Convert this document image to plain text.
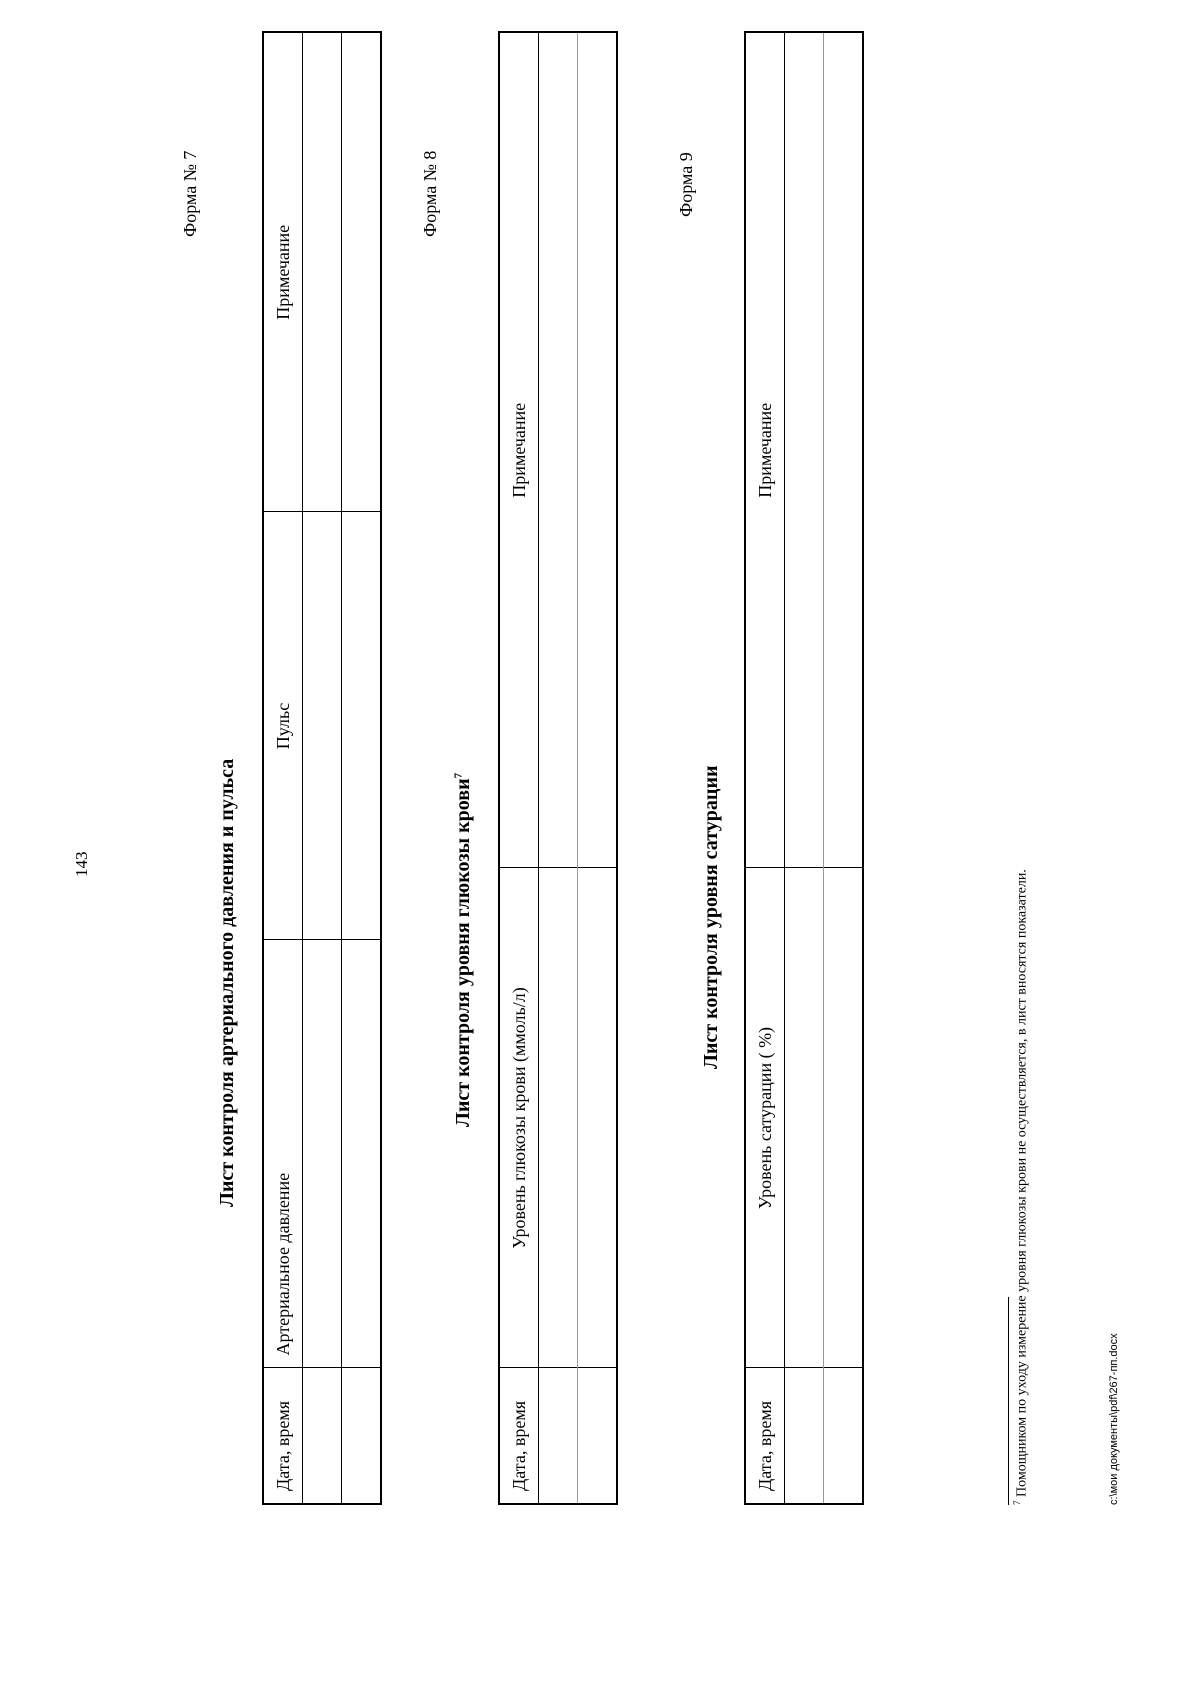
143
Форма № 7
Лист контроля артериального давления и пульса
Дата, время	Артериальное давление	Пульс	Примечание

Форма № 8
Лист контроля уровня глюкозы крови$^7$
Дата, время	Уровень глюкозы крови (ммоль/л)	Примечание

Форма 9
Лист контроля уровня сатурации
Дата, время	Уровень сатурации ( %)	Примечание

$^7$ Помощником по уходу измерение уровня глюкозы крови не осуществляется, в лист вносятся показатели.	c:\мои документы\pdf\267-пп.docx
